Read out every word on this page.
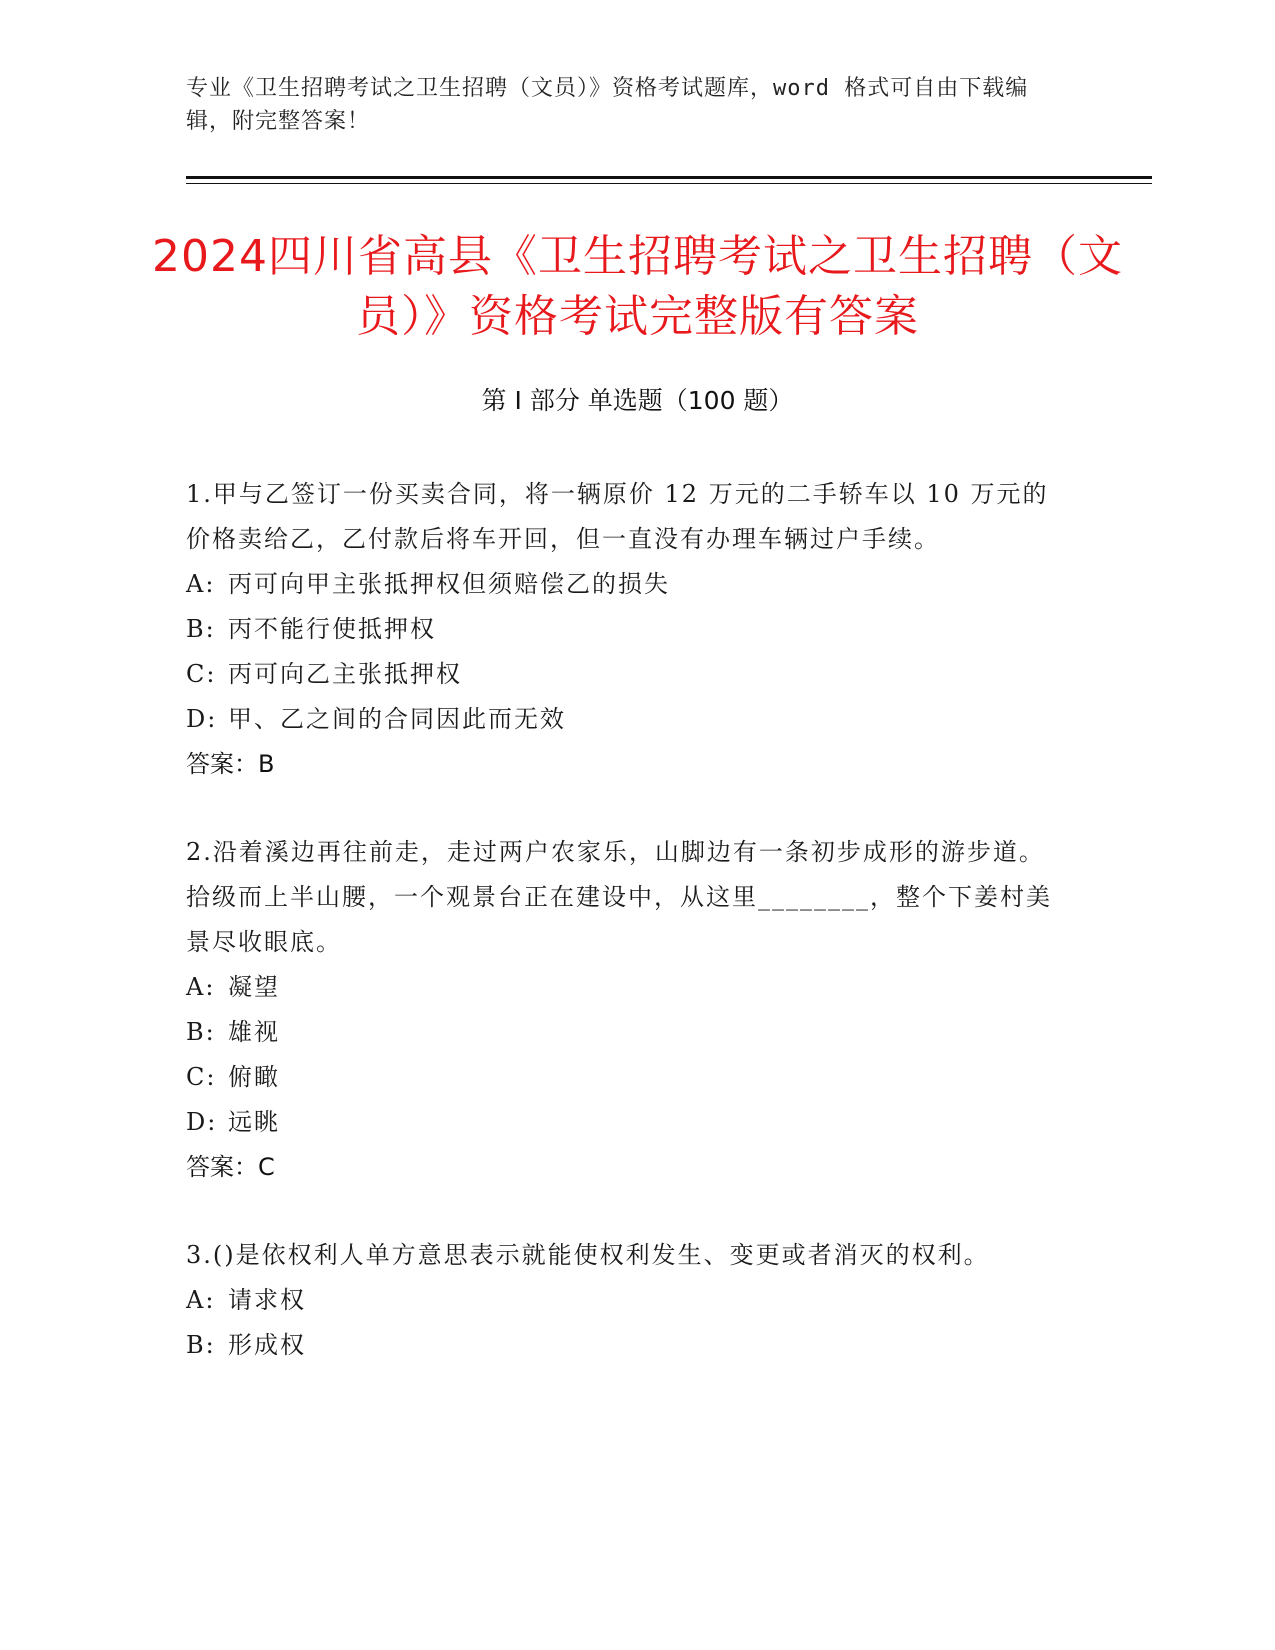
专业《卫生招聘考试之卫生招聘（文员）》资格考试题库，word 格式可自由下载编辑，附完整答案！
2024四川省高县《卫生招聘考试之卫生招聘（文员）》资格考试完整版有答案
第 I 部分 单选题（100 题）

1.甲与乙签订一份买卖合同，将一辆原价 12 万元的二手轿车以 10 万元的价格卖给乙，乙付款后将车开回，但一直没有办理车辆过户手续。

A: 丙可向甲主张抵押权但须赔偿乙的损失
B: 丙不能行使抵押权
C: 丙可向乙主张抵押权
D: 甲、乙之间的合同因此而无效
答案：B

2.沿着溪边再往前走，走过两户农家乐，山脚边有一条初步成形的游步道。拾级而上半山腰，一个观景台正在建设中，从这里________，整个下姜村美景尽收眼底。

A: 凝望
B: 雄视
C: 俯瞰
D: 远眺
答案：C

3.()是依权利人单方意思表示就能使权利发生、变更或者消灭的权利。

A: 请求权
B: 形成权
